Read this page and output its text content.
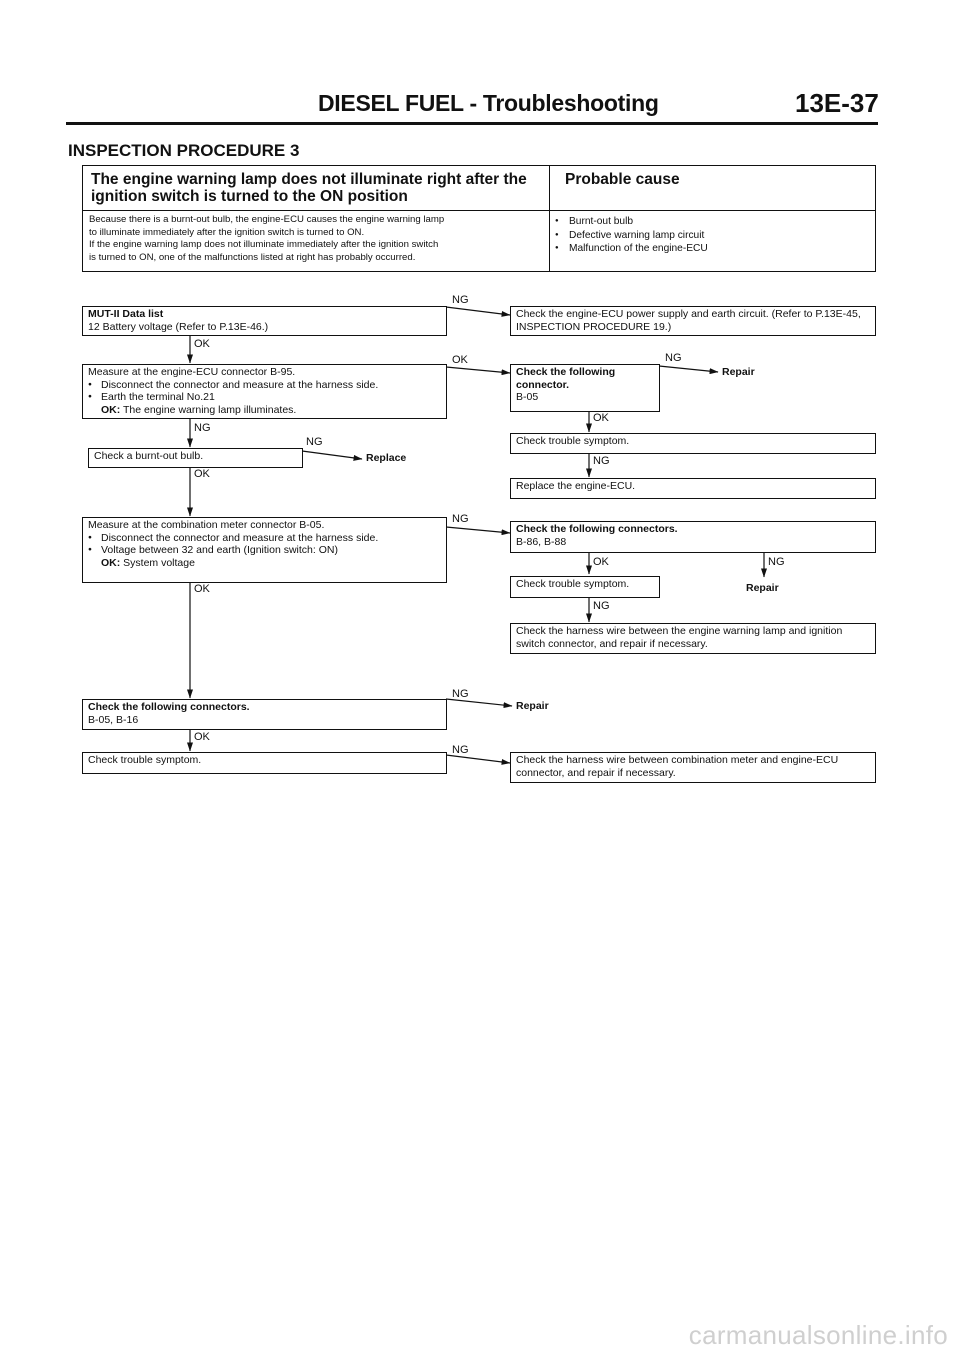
DIESEL FUEL - Troubleshooting	13E-37
INSPECTION PROCEDURE 3
The engine warning lamp does not illuminate right after the ignition switch is turned to the ON position
Probable cause
Because there is a burnt-out bulb, the engine-ECU causes the engine warning lamp
to illuminate immediately after the ignition switch is turned to ON.
If the engine warning lamp does not illuminate immediately after the ignition switch
is turned to ON, one of the malfunctions listed at right has probably occurred.
● Burnt-out bulb
● Defective warning lamp circuit
● Malfunction of the engine-ECU
NG
OK
OK	NG
NG
NG
OK
OK
NG
NG
OK
OK	NG
NG
NG
OK
NG
MUT-II Data list
12 Battery voltage (Refer to P.13E-46.)
Check the engine-ECU power supply and earth circuit. (Refer to P.13E-45, INSPECTION PROCEDURE 19.)
Measure at the engine-ECU connector B-95.
● Disconnect the connector and measure at the harness side.
● Earth the terminal No.21
OK: The engine warning lamp illuminates.
Check the following connector.
B-05
Repair
Check trouble symptom.
Replace the engine-ECU.
Check a burnt-out bulb.	Replace
Measure at the combination meter connector B-05.
● Disconnect the connector and measure at the harness side.
● Voltage between 32 and earth (Ignition switch: ON)
OK: System voltage
Check the following connectors.
B-86, B-88
Check trouble symptom.	Repair
Check the harness wire between the engine warning lamp and ignition switch connector, and repair if necessary.
Check the following connectors.
B-05, B-16
Repair
Check trouble symptom.	Check the harness wire between combination meter and engine-ECU connector, and repair if necessary.
carmanualsonline.info
